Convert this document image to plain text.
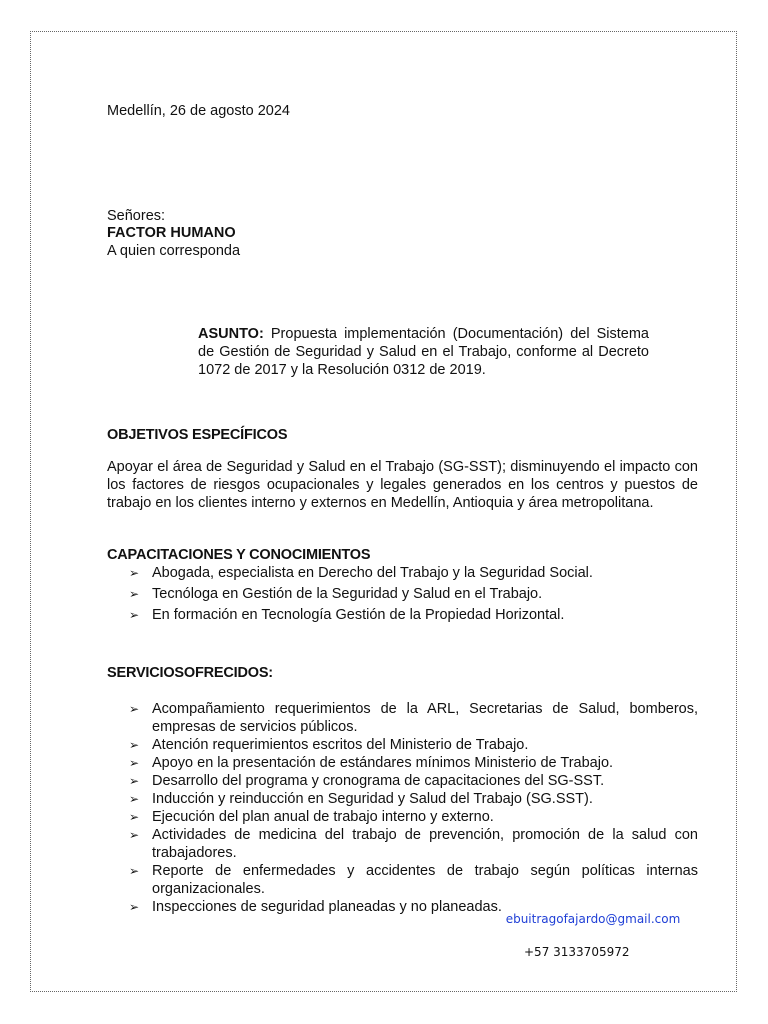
Medellín, 26 de agosto 2024
Señores:
FACTOR HUMANO
A quien corresponda
ASUNTO: Propuesta implementación (Documentación) del Sistema de Gestión de Seguridad y Salud en el Trabajo, conforme al Decreto 1072 de 2017 y la Resolución 0312 de 2019.
OBJETIVOS ESPECÍFICOS
Apoyar el área de Seguridad y Salud en el Trabajo (SG-SST); disminuyendo el impacto con los factores de riesgos ocupacionales y legales generados en los centros y puestos de trabajo en los clientes interno y externos en Medellín, Antioquia y área metropolitana.
CAPACITACIONES Y CONOCIMIENTOS
➢ Abogada, especialista en Derecho del Trabajo y la Seguridad Social.
➢ Tecnóloga en Gestión de la Seguridad y Salud en el Trabajo.
➢ En formación en Tecnología Gestión de la Propiedad Horizontal.
SERVICIOSOFRECIDOS:
➢ Acompañamiento requerimientos de la ARL, Secretarias de Salud, bomberos, empresas de servicios públicos.
➢ Atención requerimientos escritos del Ministerio de Trabajo.
➢ Apoyo en la presentación de estándares mínimos Ministerio de Trabajo.
➢ Desarrollo del programa y cronograma de capacitaciones del SG-SST.
➢ Inducción y reinducción en Seguridad y Salud del Trabajo (SG.SST).
➢ Ejecución del plan anual de trabajo interno y externo.
➢ Actividades de medicina del trabajo de prevención, promoción de la salud con trabajadores.
➢ Reporte de enfermedades y accidentes de trabajo según políticas internas organizacionales.
➢ Inspecciones de seguridad planeadas y no planeadas.
ebuitragofajardo@gmail.com
+57 3133705972
